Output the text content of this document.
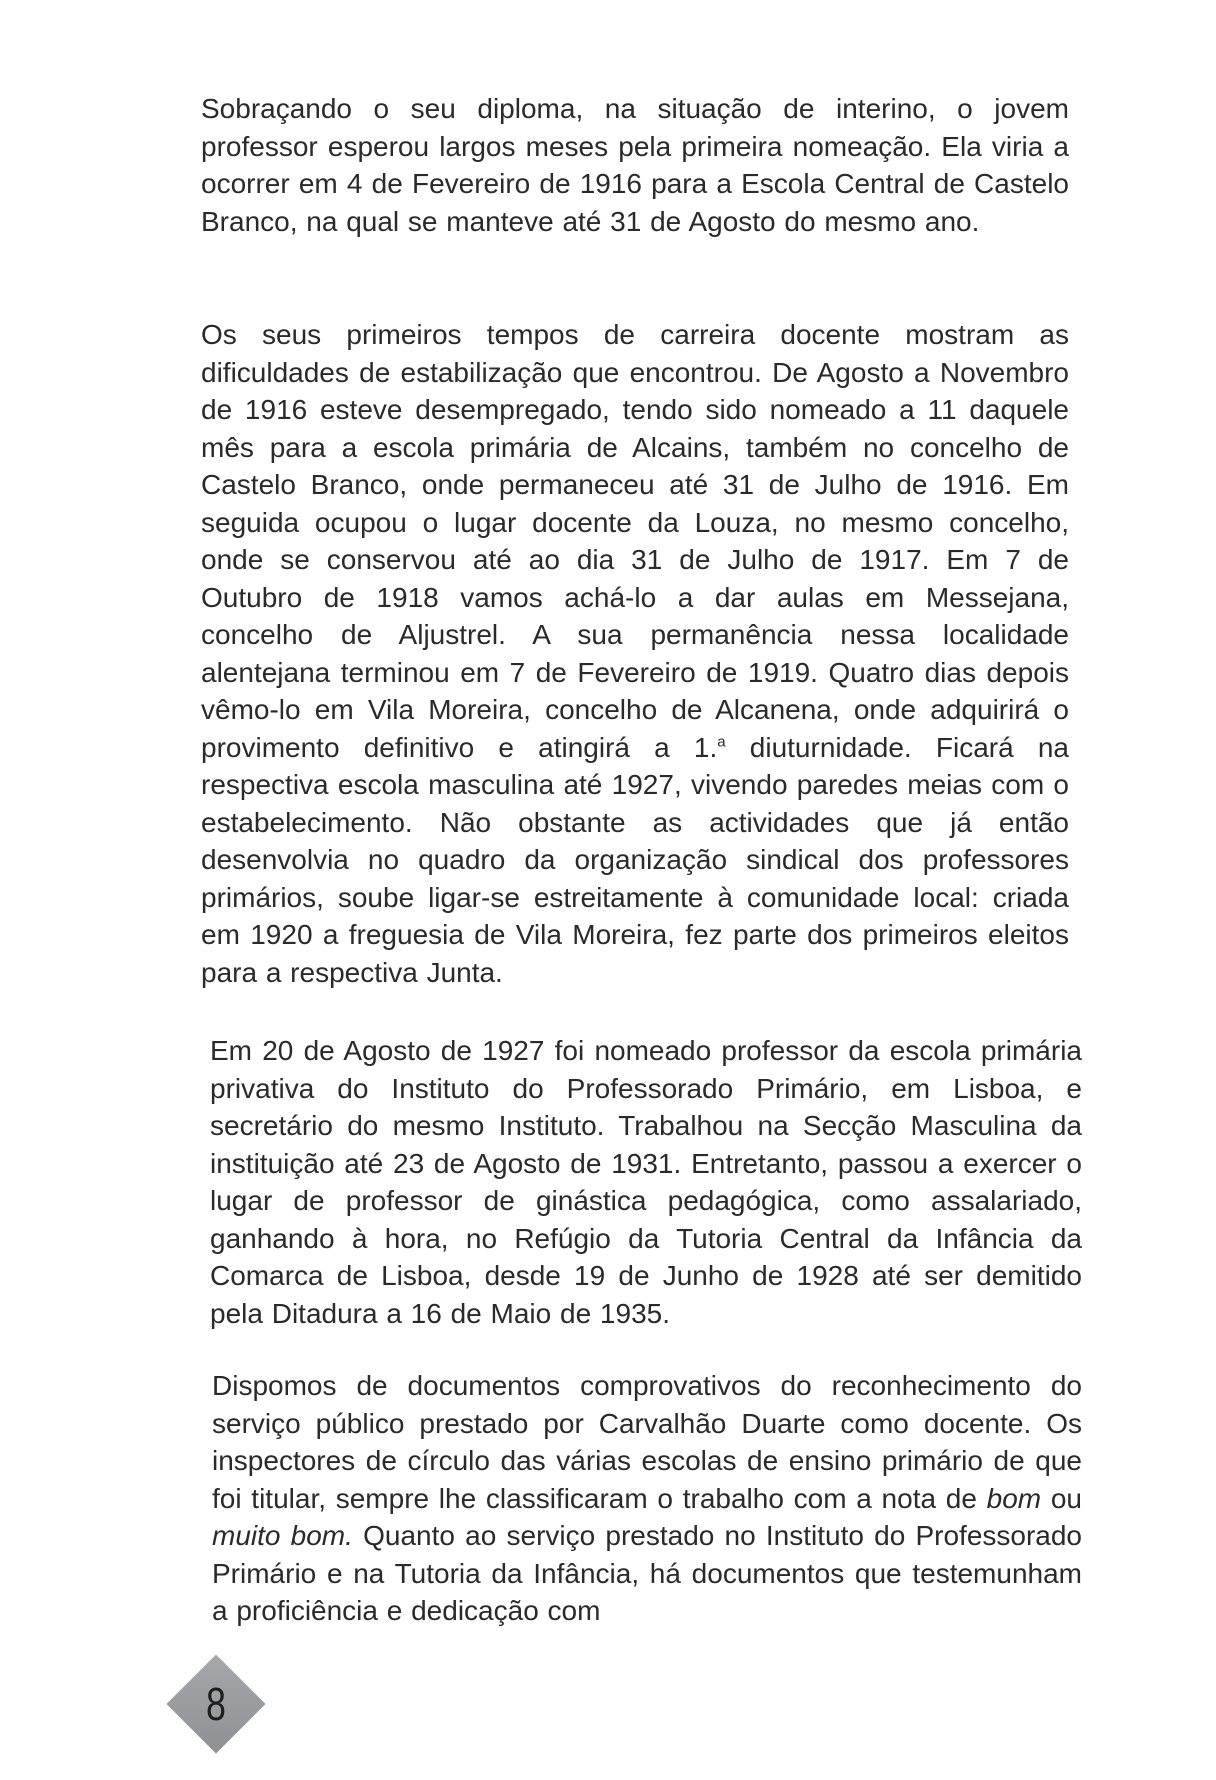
Sobraçando o seu diploma, na situação de interino, o jovem professor esperou largos meses pela primeira nomeação. Ela viria a ocorrer em 4 de Fevereiro de 1916 para a Escola Central de Castelo Branco, na qual se manteve até 31 de Agosto do mesmo ano.

Os seus primeiros tempos de carreira docente mostram as dificuldades de estabilização que encontrou. De Agosto a Novembro de 1916 esteve desempregado, tendo sido nomeado a 11 daquele mês para a escola primária de Alcains, também no concelho de Castelo Branco, onde permaneceu até 31 de Julho de 1916. Em seguida ocupou o lugar docente da Louza, no mesmo concelho, onde se conservou até ao dia 31 de Julho de 1917. Em 7 de Outubro de 1918 vamos achá-lo a dar aulas em Messejana, concelho de Aljustrel. A sua permanência nessa localidade alentejana terminou em 7 de Fevereiro de 1919. Quatro dias depois vêmo-lo em Vila Moreira, concelho de Alcanena, onde adquirirá o provimento definitivo e atingirá a 1.$^a$ diuturnidade. Ficará na respectiva escola masculina até 1927, vivendo paredes meias com o estabelecimento. Não obstante as actividades que já então desenvolvia no quadro da organização sindical dos professores primários, soube ligar-se estreitamente à comunidade local: criada em 1920 a freguesia de Vila Moreira, fez parte dos primeiros eleitos para a respectiva Junta.

Em 20 de Agosto de 1927 foi nomeado professor da escola primária privativa do Instituto do Professorado Primário, em Lisboa, e secretário do mesmo Instituto. Trabalhou na Secção Masculina da instituição até 23 de Agosto de 1931. Entretanto, passou a exercer o lugar de professor de ginástica pedagógica, como assalariado, ganhando à hora, no Refúgio da Tutoria Central da Infância da Comarca de Lisboa, desde 19 de Junho de 1928 até ser demitido pela Ditadura a 16 de Maio de 1935.

Dispomos de documentos comprovativos do reconhecimento do serviço público prestado por Carvalhão Duarte como docente. Os inspectores de círculo das várias escolas de ensino primário de que foi titular, sempre lhe classificaram o trabalho com a nota de bom ou muito bom. Quanto ao serviço prestado no Instituto do Professorado Primário e na Tutoria da Infância, há documentos que testemunham a proficiência e dedicação com

8
